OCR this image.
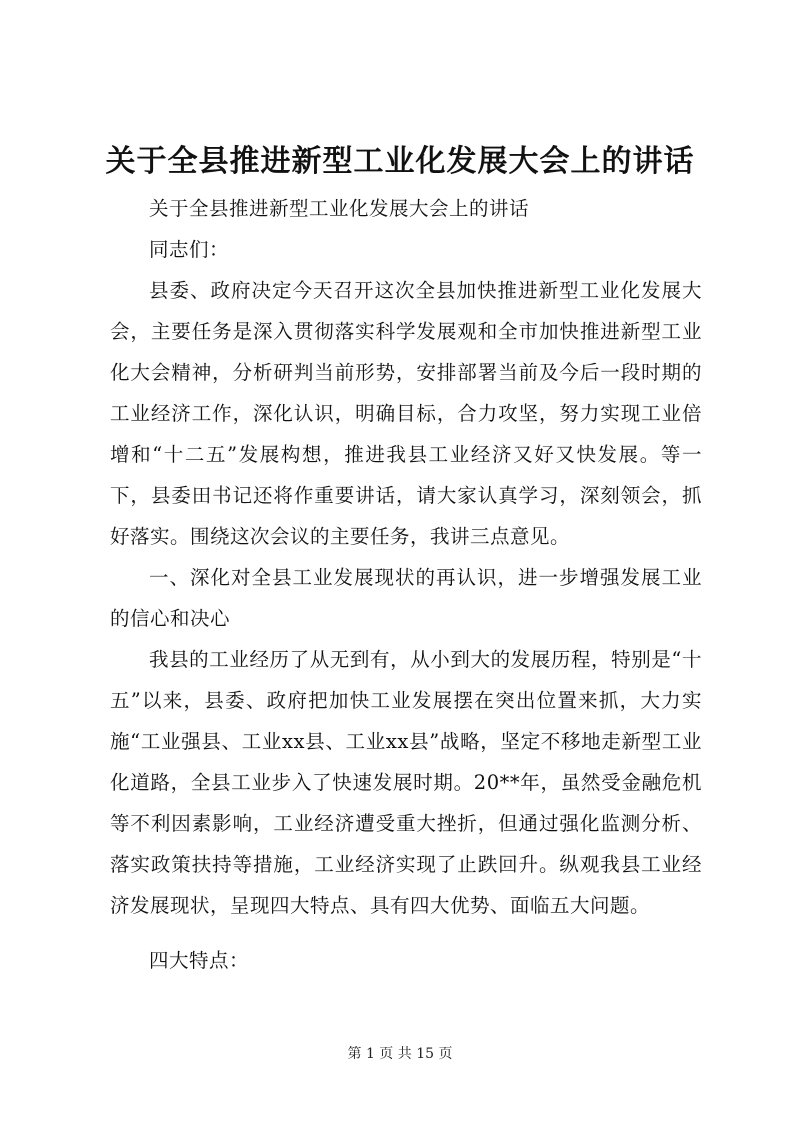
关于全县推进新型工业化发展大会上的讲话

关于全县推进新型工业化发展大会上的讲话

同志们：

县委、政府决定今天召开这次全县加快推进新型工业化发展大会，主要任务是深入贯彻落实科学发展观和全市加快推进新型工业化大会精神，分析研判当前形势，安排部署当前及今后一段时期的工业经济工作，深化认识，明确目标，合力攻坚，努力实现工业倍增和“十二五”发展构想，推进我县工业经济又好又快发展。等一下，县委田书记还将作重要讲话，请大家认真学习，深刻领会，抓好落实。围绕这次会议的主要任务，我讲三点意见。

一、深化对全县工业发展现状的再认识，进一步增强发展工业的信心和决心

我县的工业经历了从无到有，从小到大的发展历程，特别是“十五”以来，县委、政府把加快工业发展摆在突出位置来抓，大力实施“工业强县、工业xx县、工业xx县”战略，坚定不移地走新型工业化道路，全县工业步入了快速发展时期。20**年，虽然受金融危机等不利因素影响，工业经济遭受重大挫折，但通过强化监测分析、落实政策扶持等措施，工业经济实现了止跌回升。纵观我县工业经济发展现状，呈现四大特点、具有四大优势、面临五大问题。

四大特点：

第 1 页 共 15 页
